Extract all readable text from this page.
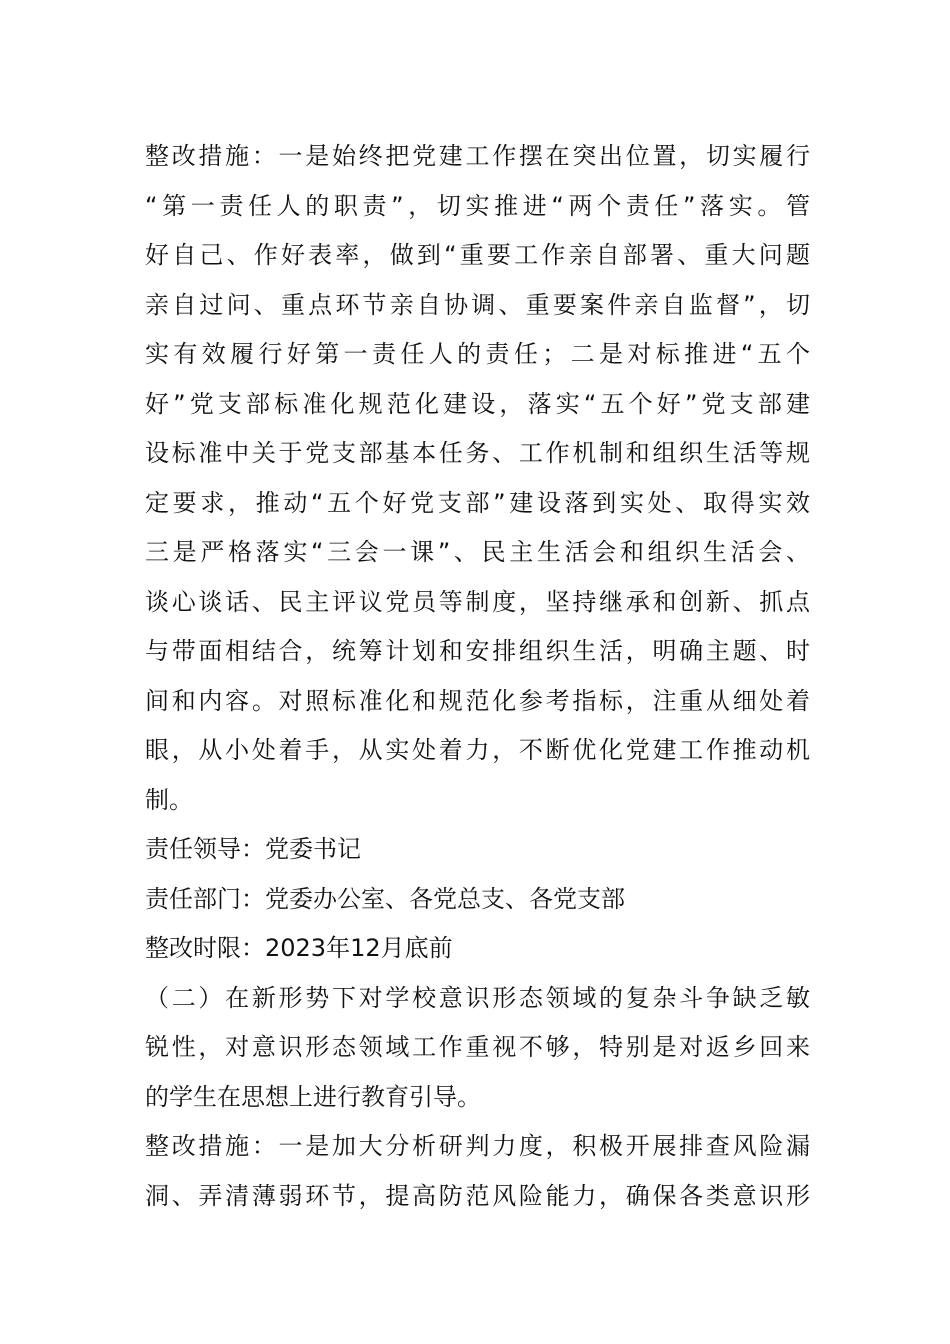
整改措施：一是始终把党建工作摆在突出位置，切实履行
“第一责任人的职责”，切实推进“两个责任”落实。管
好自己、作好表率，做到“重要工作亲自部署、重大问题
亲自过问、重点环节亲自协调、重要案件亲自监督”，切
实有效履行好第一责任人的责任；二是对标推进“五个
好”党支部标准化规范化建设，落实“五个好”党支部建
设标准中关于党支部基本任务、工作机制和组织生活等规
定要求，推动“五个好党支部”建设落到实处、取得实效
三是严格落实“三会一课”、民主生活会和组织生活会、
谈心谈话、民主评议党员等制度，坚持继承和创新、抓点
与带面相结合，统筹计划和安排组织生活，明确主题、时
间和内容。对照标准化和规范化参考指标，注重从细处着
眼，从小处着手，从实处着力，不断优化党建工作推动机
制。
责任领导：党委书记
责任部门：党委办公室、各党总支、各党支部
整改时限：2023年12月底前
（二）在新形势下对学校意识形态领域的复杂斗争缺乏敏
锐性，对意识形态领域工作重视不够，特别是对返乡回来
的学生在思想上进行教育引导。
整改措施：一是加大分析研判力度，积极开展排查风险漏
洞、弄清薄弱环节，提高防范风险能力，确保各类意识形
